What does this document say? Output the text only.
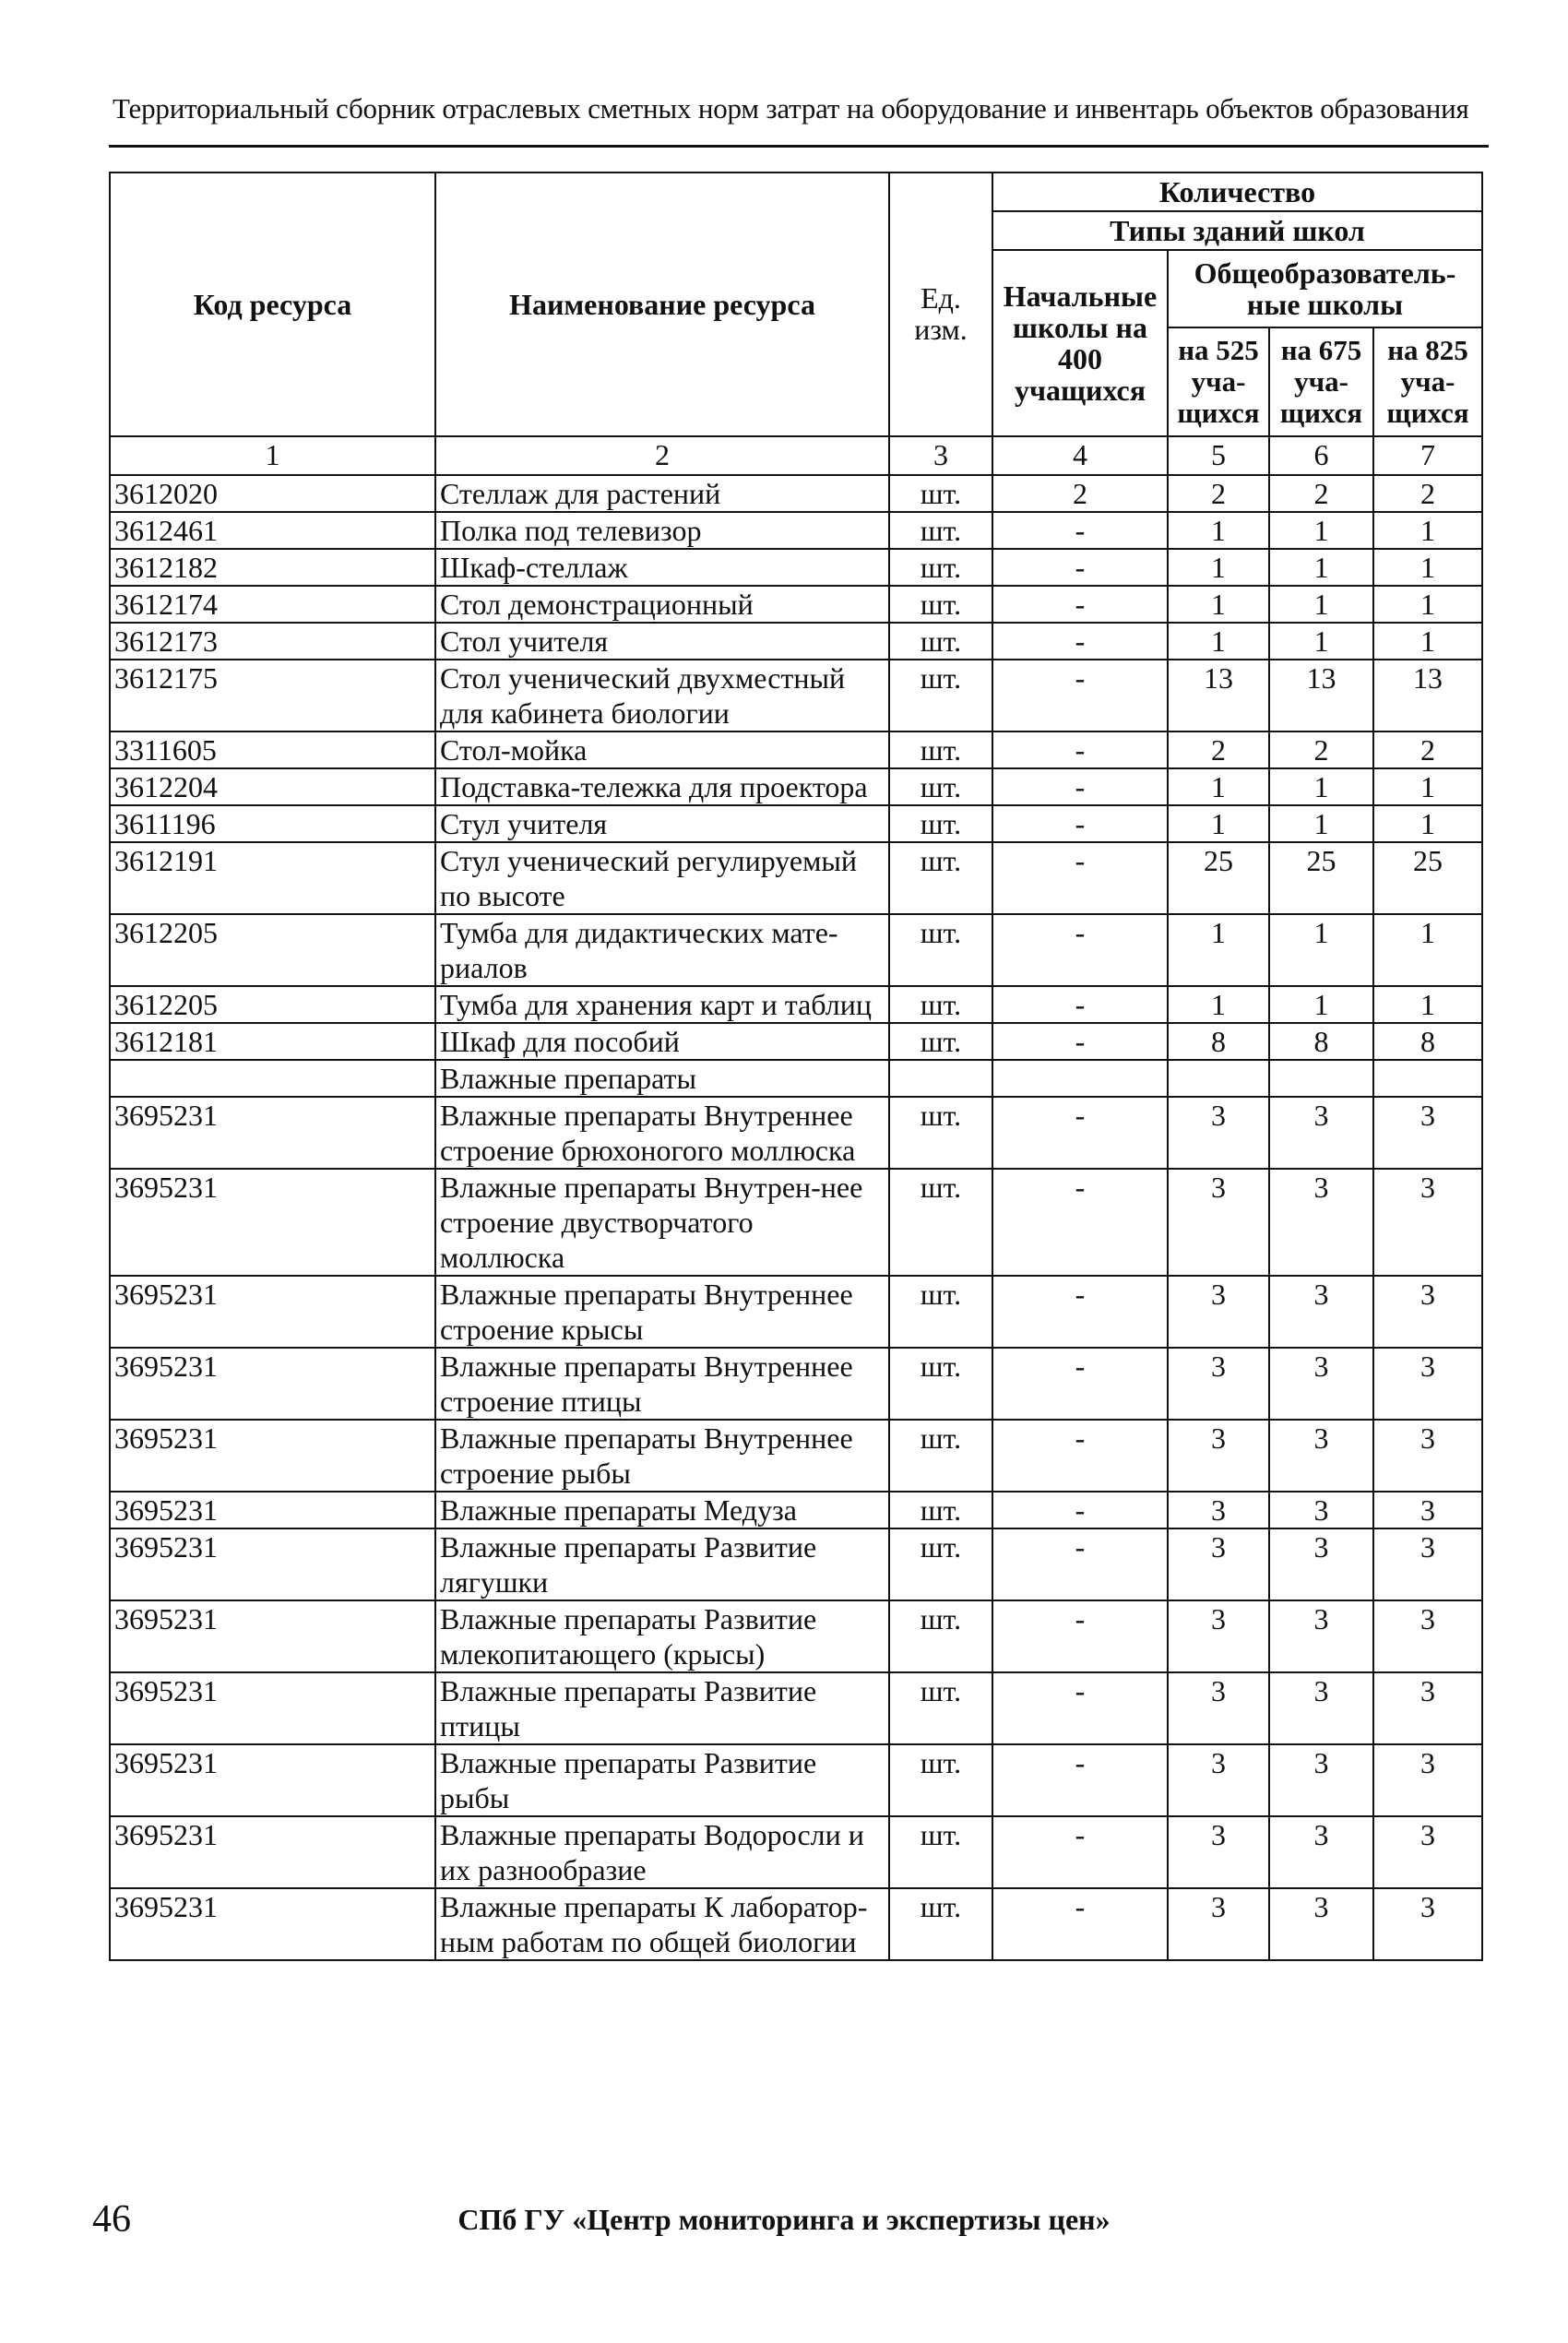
Территориальный сборник отраслевых сметных норм затрат на оборудование и инвентарь объектов образования
Код ресурса	Наименование ресурса	Ед. изм.	Количество			
			Типы зданий школ			
			Начальные школы на 400 учащихся	Общеобразователь-ные школы		
				на 525 уча-щихся	на 675 уча-щихся	на 825 уча-щихся
1	2	3	4	5	6	7
3612020	Стеллаж для растений	шт.	2	2	2	2
3612461	Полка под телевизор	шт.	-	1	1	1
3612182	Шкаф-стеллаж	шт.	-	1	1	1
3612174	Стол демонстрационный	шт.	-	1	1	1
3612173	Стол учителя	шт.	-	1	1	1
3612175	Стол ученический двухместный для кабинета биологии	шт.	-	13	13	13
3311605	Стол-мойка	шт.	-	2	2	2
3612204	Подставка-тележка для проектора	шт.	-	1	1	1
3611196	Стул учителя	шт.	-	1	1	1
3612191	Стул ученический регулируемый по высоте	шт.	-	25	25	25
3612205	Тумба для дидактических мате-риалов	шт.	-	1	1	1
3612205	Тумба для хранения карт и таблиц	шт.	-	1	1	1
3612181	Шкаф для пособий	шт.	-	8	8	8
	Влажные препараты					
3695231	Влажные препараты Внутреннее строение брюхоногого моллюска	шт.	-	3	3	3
3695231	Влажные препараты Внутрен-нее строение двустворчатого моллюска	шт.	-	3	3	3
3695231	Влажные препараты Внутреннее строение крысы	шт.	-	3	3	3
3695231	Влажные препараты Внутреннее строение птицы	шт.	-	3	3	3
3695231	Влажные препараты Внутреннее строение рыбы	шт.	-	3	3	3
3695231	Влажные препараты Медуза	шт.	-	3	3	3
3695231	Влажные препараты Развитие лягушки	шт.	-	3	3	3
3695231	Влажные препараты Развитие млекопитающего (крысы)	шт.	-	3	3	3
3695231	Влажные препараты Развитие птицы	шт.	-	3	3	3
3695231	Влажные препараты Развитие рыбы	шт.	-	3	3	3
3695231	Влажные препараты Водоросли и их разнообразие	шт.	-	3	3	3
3695231	Влажные препараты К лаборатор-ным работам по общей биологии	шт.	-	3	3	3
46	СПб ГУ «Центр мониторинга и экспертизы цен»
